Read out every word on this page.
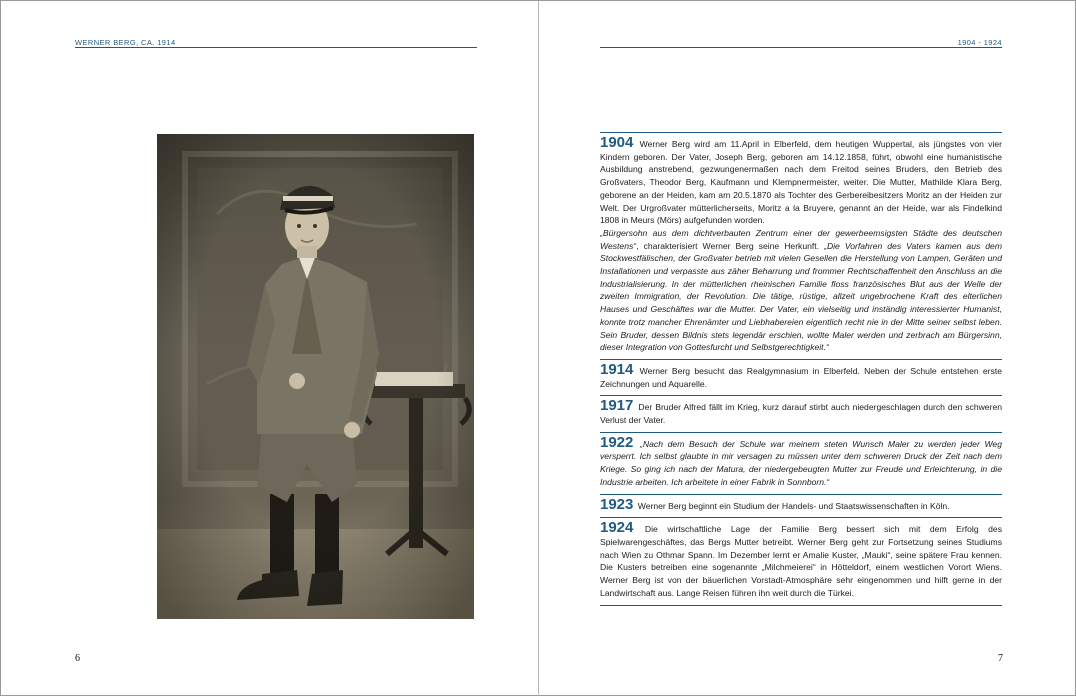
WERNER BERG, CA. 1914
6
1904 - 1924
1904 Werner Berg wird am 11.April in Elberfeld, dem heutigen Wuppertal, als jüngstes von vier Kindern geboren. Der Vater, Joseph Berg, geboren am 14.12.1858, führt, obwohl eine humanistische Ausbildung anstrebend, gezwungenermaßen nach dem Freitod seines Bruders, den Betrieb des Großvaters, Theodor Berg, Kaufmann und Klempnermeister, weiter. Die Mutter, Mathilde Klara Berg, geborene an der Heiden, kam am 20.5.1870 als Tochter des Gerbereibesitzers Moritz an der Heiden zur Welt. Der Urgroßvater mütterlicherseits, Moritz a la Bruyere, genannt an der Heide, war als Findelkind 1808 in Meurs (Mörs) aufgefunden worden.
„Bürgersohn aus dem dichtverbauten Zentrum einer der gewerbeemsigsten Städte des deutschen Westens“, charakterisiert Werner Berg seine Herkunft. „Die Vorfahren des Vaters kamen aus dem Stockwestfälischen, der Großvater betrieb mit vielen Gesellen die Herstellung von Lampen, Geräten und Installationen und verpasste aus zäher Beharrung und frommer Rechtschaffenheit den Anschluss an die Industrialisierung. In der mütterlichen rheinischen Familie floss französisches Blut aus der Welle der zweiten Immigration, der Revolution. Die tätige, rüstige, allzeit ungebrochene Kraft des elterlichen Hauses und Geschäftes war die Mutter. Der Vater, ein vielseitig und inständig interessierter Humanist, konnte trotz mancher Ehrenämter und Liebhabereien eigentlich recht nie in der Mitte seiner selbst leben. Sein Bruder, dessen Bildnis stets legendär erschien, wollte Maler werden und zerbrach am Bürgersinn, dieser Integration von Gottesfurcht und Selbstgerechtigkeit.“
1914 Werner Berg besucht das Realgymnasium in Elberfeld. Neben der Schule entstehen erste Zeichnungen und Aquarelle.
1917 Der Bruder Alfred fällt im Krieg, kurz darauf stirbt auch niedergeschlagen durch den schweren Verlust der Vater.
1922 „Nach dem Besuch der Schule war meinem steten Wunsch Maler zu werden jeder Weg versperrt. Ich selbst glaubte in mir versagen zu müssen unter dem schweren Druck der Zeit nach dem Kriege. So ging ich nach der Matura, der niedergebeugten Mutter zur Freude und Erleichterung, in die Industrie arbeiten. Ich arbeitete in einer Fabrik in Sonnborn.“
1923 Werner Berg beginnt ein Studium der Handels- und Staatswissenschaften in Köln.
1924 Die wirtschaftliche Lage der Familie Berg bessert sich mit dem Erfolg des Spielwarengeschäftes, das Bergs Mutter betreibt. Werner Berg geht zur Fortsetzung seines Studiums nach Wien zu Othmar Spann. Im Dezember lernt er Amalie Kuster, „Mauki“, seine spätere Frau kennen. Die Kusters betreiben eine sogenannte „Milchmeierei“ in Hötteldorf, einem westlichen Vorort Wiens. Werner Berg ist von der bäuerlichen Vorstadt-Atmosphäre sehr eingenommen und hilft gerne in der Landwirtschaft aus. Lange Reisen führen ihn weit durch die Türkei.
7
